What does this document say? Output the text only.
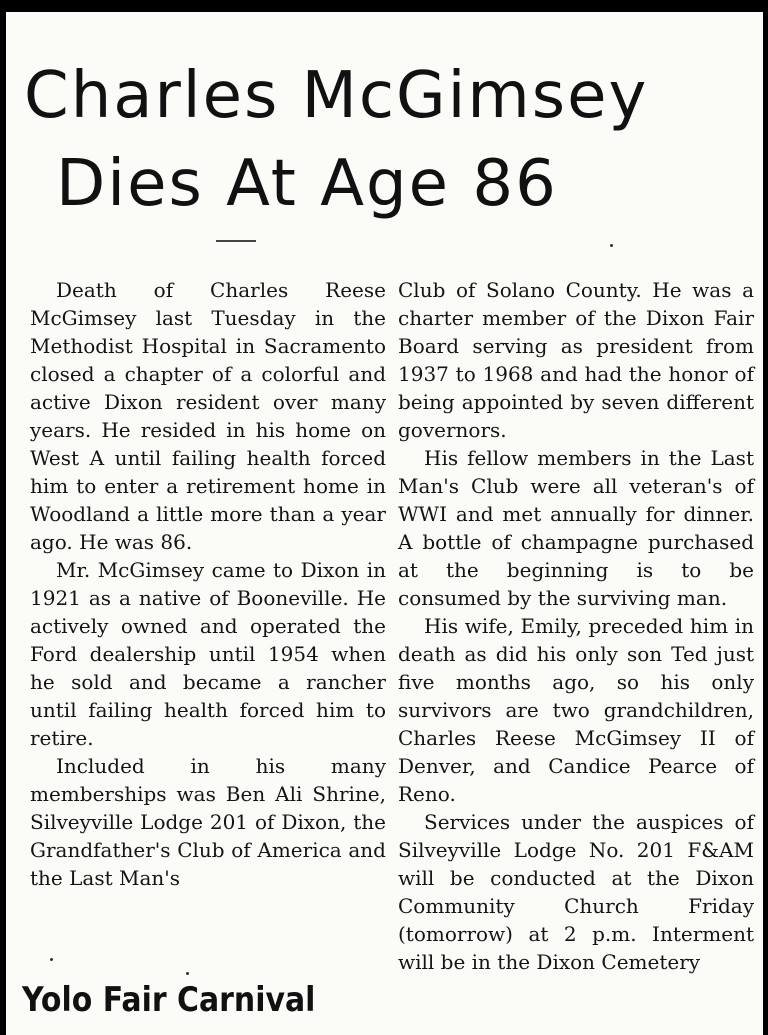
Charles McGimsey
Dies At Age 86

Death of Charles Reese McGimsey last Tuesday in the Methodist Hospital in Sacramento closed a chapter of a colorful and active Dixon resident over many years. He resided in his home on West A until failing health forced him to enter a retirement home in Woodland a little more than a year ago. He was 86.

Mr. McGimsey came to Dixon in 1921 as a native of Booneville. He actively owned and operated the Ford dealership until 1954 when he sold and became a rancher until failing health forced him to retire.

Included in his many memberships was Ben Ali Shrine, Silveyville Lodge 201 of Dixon, the Grandfather's Club of America and the Last Man's

Club of Solano County. He was a charter member of the Dixon Fair Board serving as president from 1937 to 1968 and had the honor of being appointed by seven different governors.

His fellow members in the Last Man's Club were all veteran's of WWI and met annually for dinner. A bottle of champagne purchased at the beginning is to be consumed by the surviving man.

His wife, Emily, preceded him in death as did his only son Ted just five months ago, so his only survivors are two grandchildren, Charles Reese McGimsey II of Denver, and Candice Pearce of Reno.

Services under the auspices of Silveyville Lodge No. 201 F&AM will be conducted at the Dixon Community Church Friday (tomorrow) at 2 p.m. Interment will be in the Dixon Cemetery

Yolo Fair Carnival
